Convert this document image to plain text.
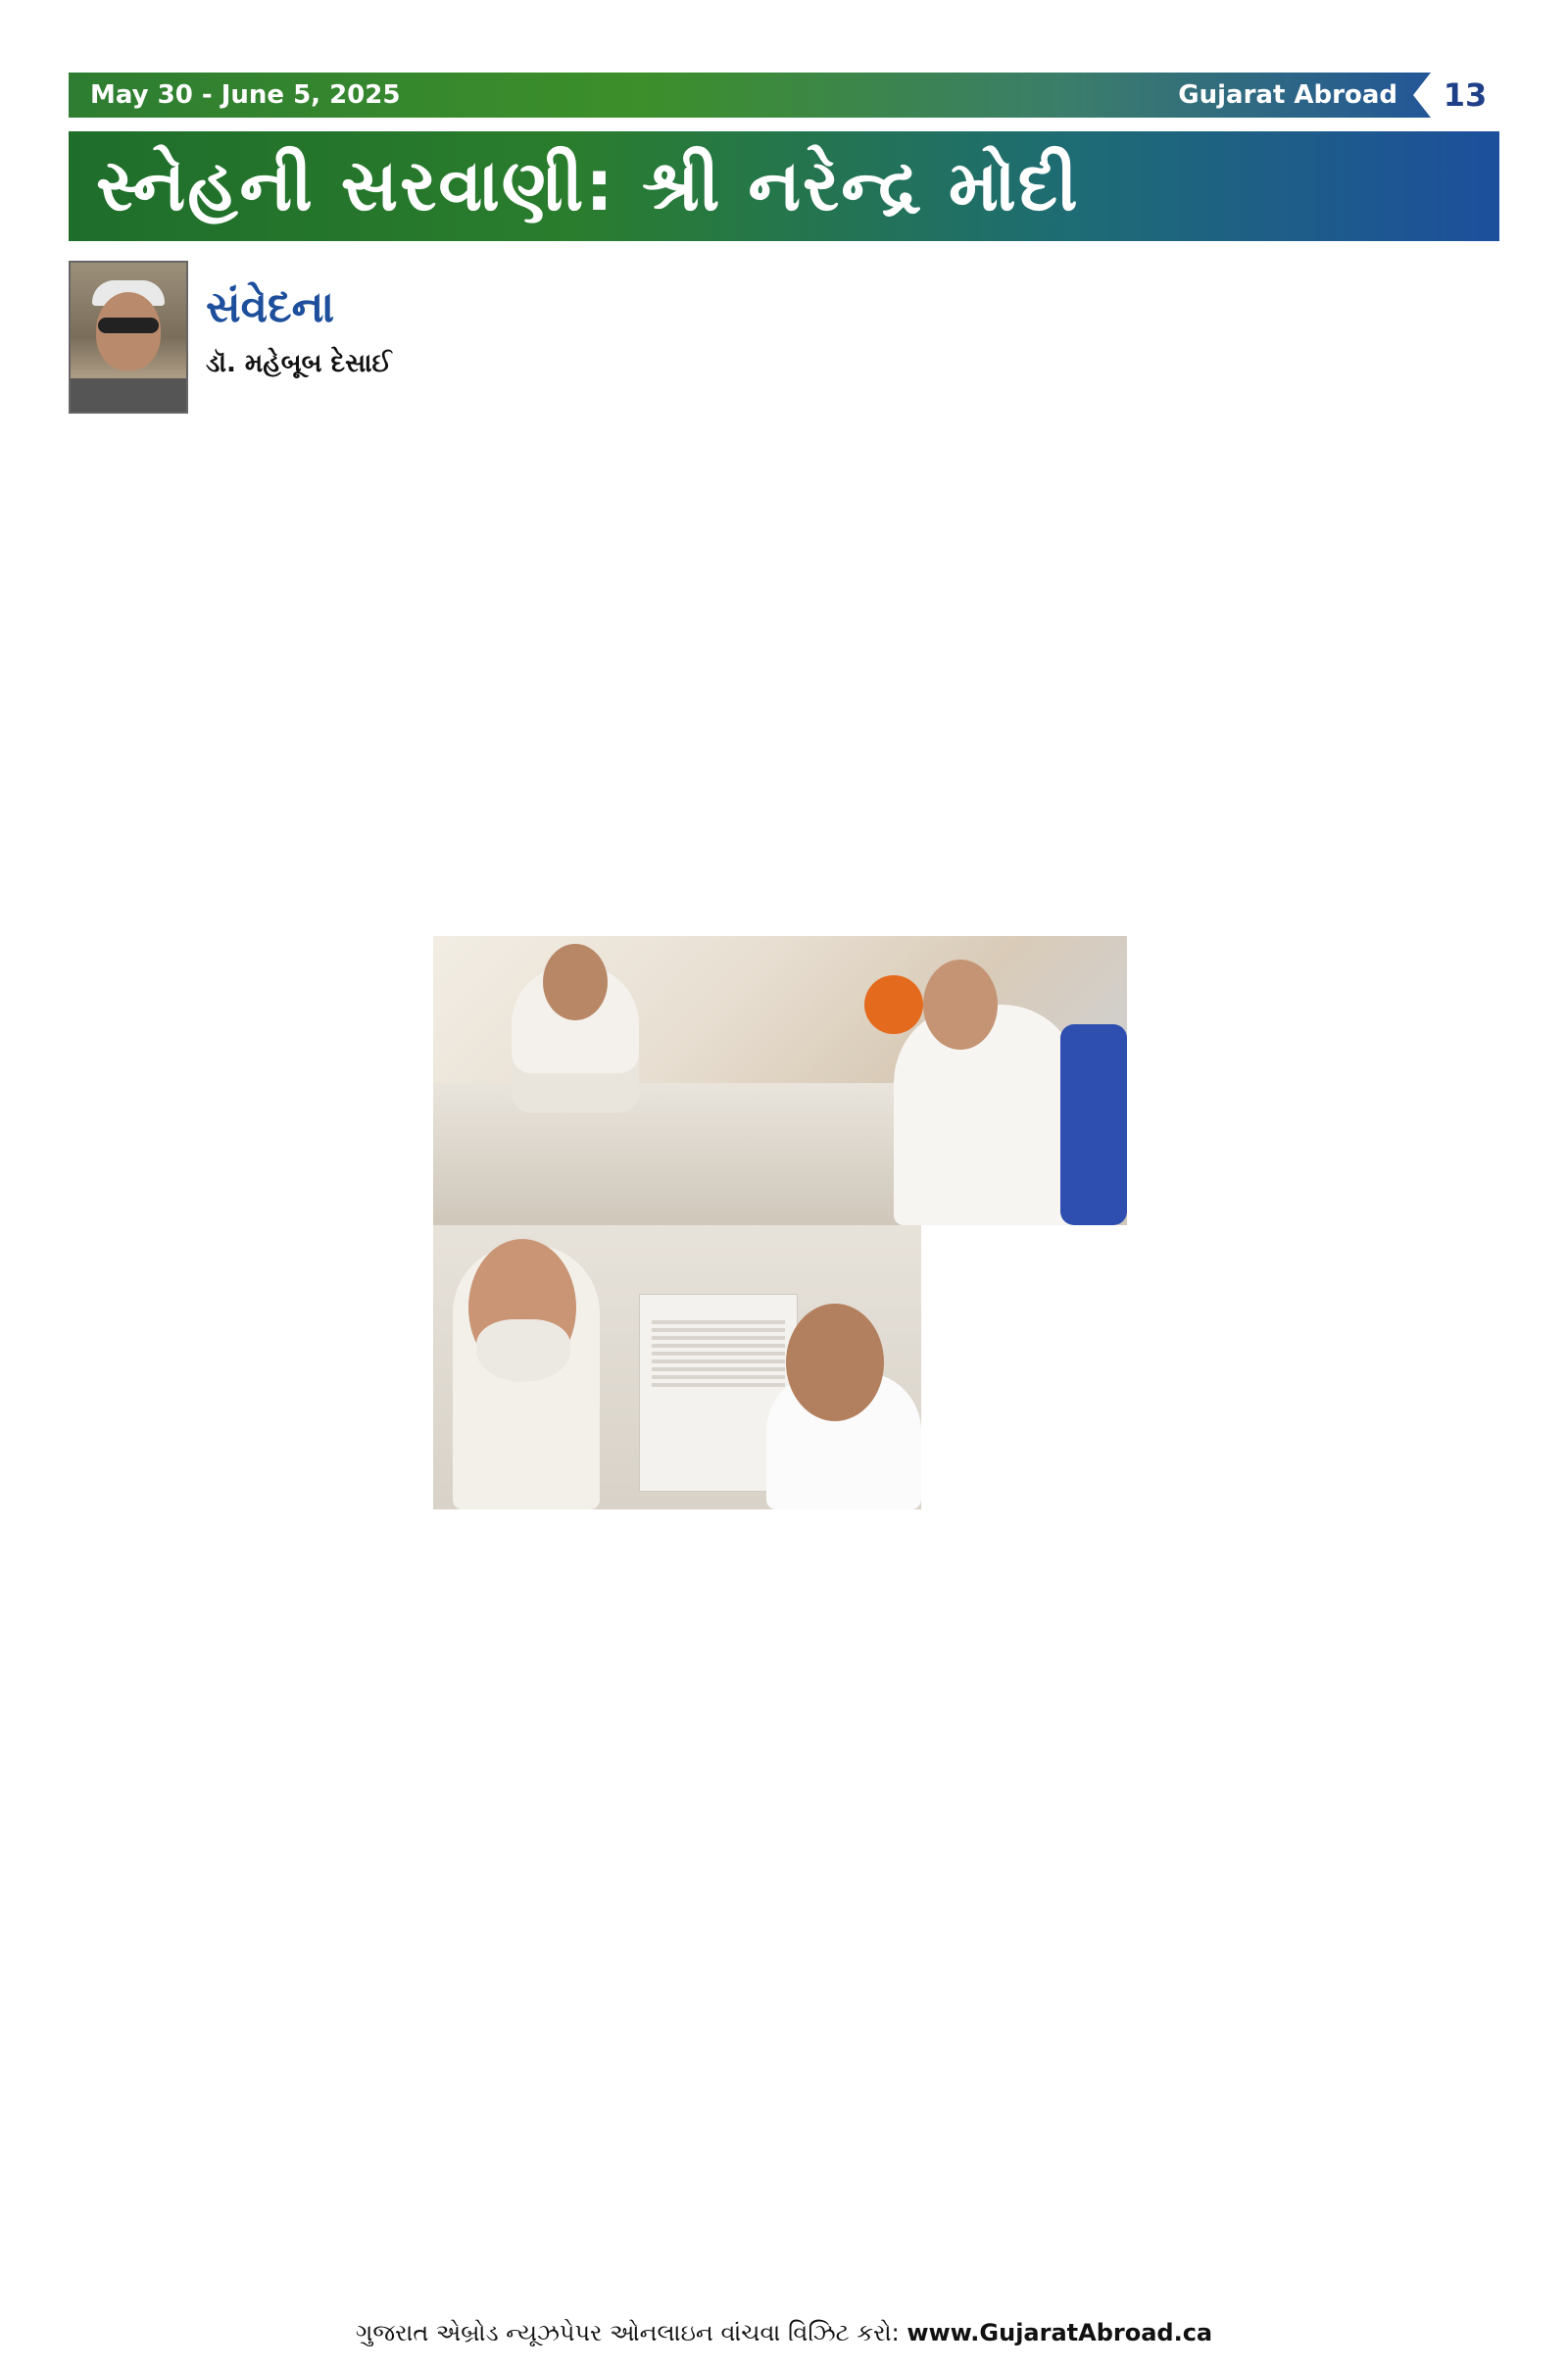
May 30 - June 5, 2025	Gujarat Abroad	13
સ્નેહની સરવાણી: શ્રી નરેન્દ્ર મોદી
સંવેદના
ડૉ. મહેબૂબ દેસાઈ

ગુજરાત એબ્રોડ ન્યૂઝપેપર ઓનલાઇન વાંચવા વિઝિટ કરો: www.GujaratAbroad.ca
